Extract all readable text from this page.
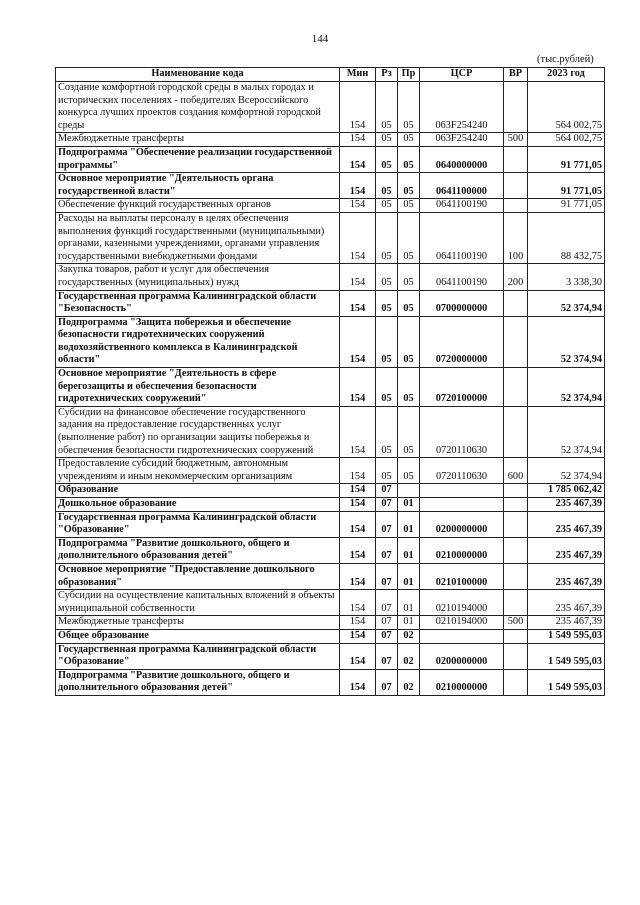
144
(тыс.рублей)
Наименование кода	Мин	Рз	Пр	ЦСР	ВР	2023 год
Создание комфортной городской среды в малых городах и исторических поселениях - победителях Всероссийского конкурса лучших проектов создания комфортной городской среды	154	05	05	063F254240		564 002,75
Межбюджетные трансферты	154	05	05	063F254240	500	564 002,75
Подпрограмма "Обеспечение реализации государственной программы"	154	05	05	0640000000		91 771,05
Основное мероприятие "Деятельность органа государственной власти"	154	05	05	0641100000		91 771,05
Обеспечение функций государственных органов	154	05	05	0641100190		91 771,05
Расходы на выплаты персоналу в целях обеспечения выполнения функций государственными (муниципальными) органами, казенными учреждениями, органами управления государственными внебюджетными фондами	154	05	05	0641100190	100	88 432,75
Закупка товаров, работ и услуг для обеспечения государственных (муниципальных) нужд	154	05	05	0641100190	200	3 338,30
Государственная программа Калининградской области "Безопасность"	154	05	05	0700000000		52 374,94
Подпрограмма "Защита побережья и обеспечение безопасности гидротехнических сооружений водохозяйственного комплекса в Калининградской области"	154	05	05	0720000000		52 374,94
Основное мероприятие "Деятельность в сфере берегозащиты и обеспечения безопасности гидротехнических сооружений"	154	05	05	0720100000		52 374,94
Субсидии на финансовое обеспечение государственного задания на предоставление государственных услуг (выполнение работ) по организации защиты побережья и обеспечения безопасности гидротехнических сооружений	154	05	05	0720110630		52 374,94
Предоставление субсидий бюджетным, автономным учреждениям и иным некоммерческим организациям	154	05	05	0720110630	600	52 374,94
Образование	154	07				1 785 062,42
Дошкольное образование	154	07	01			235 467,39
Государственная программа Калининградской области "Образование"	154	07	01	0200000000		235 467,39
Подпрограмма "Развитие дошкольного, общего и дополнительного образования детей"	154	07	01	0210000000		235 467,39
Основное мероприятие "Предоставление дошкольного образования"	154	07	01	0210100000		235 467,39
Субсидии на осуществление капитальных вложений в объекты муниципальной собственности	154	07	01	0210194000		235 467,39
Межбюджетные трансферты	154	07	01	0210194000	500	235 467,39
Общее образование	154	07	02			1 549 595,03
Государственная программа Калининградской области "Образование"	154	07	02	0200000000		1 549 595,03
Подпрограмма "Развитие дошкольного, общего и дополнительного образования детей"	154	07	02	0210000000		1 549 595,03
